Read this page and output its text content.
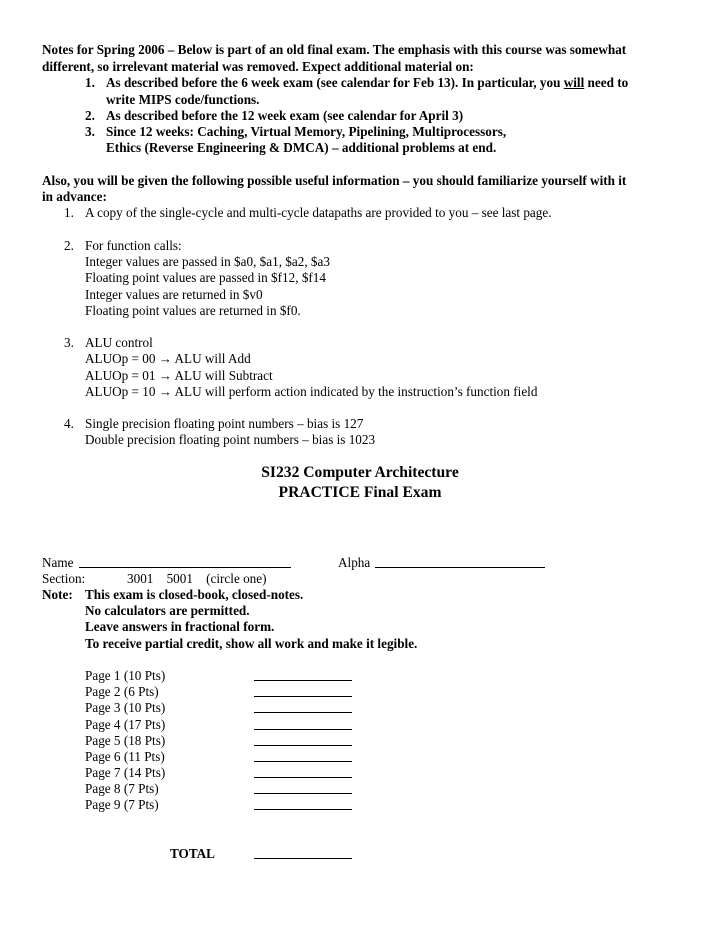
Notes for Spring 2006 – Below is part of an old final exam. The emphasis with this course was somewhat
different, so irrelevant material was removed. Expect additional material on:
1. As described before the 6 week exam (see calendar for Feb 13). In particular, you will need to
write MIPS code/functions.
2. As described before the 12 week exam (see calendar for April 3)
3. Since 12 weeks: Caching, Virtual Memory, Pipelining, Multiprocessors,
Ethics (Reverse Engineering & DMCA) – additional problems at end.
Also, you will be given the following possible useful information – you should familiarize yourself with it
in advance:
1. A copy of the single-cycle and multi-cycle datapaths are provided to you – see last page.
2. For function calls:
Integer values are passed in $a0, $a1, $a2, $a3
Floating point values are passed in $f12, $f14
Integer values are returned in $v0
Floating point values are returned in $f0.
3. ALU control
ALUOp = 00 → ALU will Add
ALUOp = 01 → ALU will Subtract
ALUOp = 10 → ALU will perform action indicated by the instruction’s function field
4. Single precision floating point numbers – bias is 127
Double precision floating point numbers – bias is 1023
SI232 Computer Architecture
PRACTICE Final Exam
Name	Alpha
Section:	3001    5001    (circle one)
Note: This exam is closed-book, closed-notes.
No calculators are permitted.
Leave answers in fractional form.
To receive partial credit, show all work and make it legible.
Page 1 (10 Pts)
Page 2 (6 Pts)
Page 3 (10 Pts)
Page 4 (17 Pts)
Page 5 (18 Pts)
Page 6 (11 Pts)
Page 7 (14 Pts)
Page 8 (7 Pts)
Page 9 (7 Pts)
TOTAL
